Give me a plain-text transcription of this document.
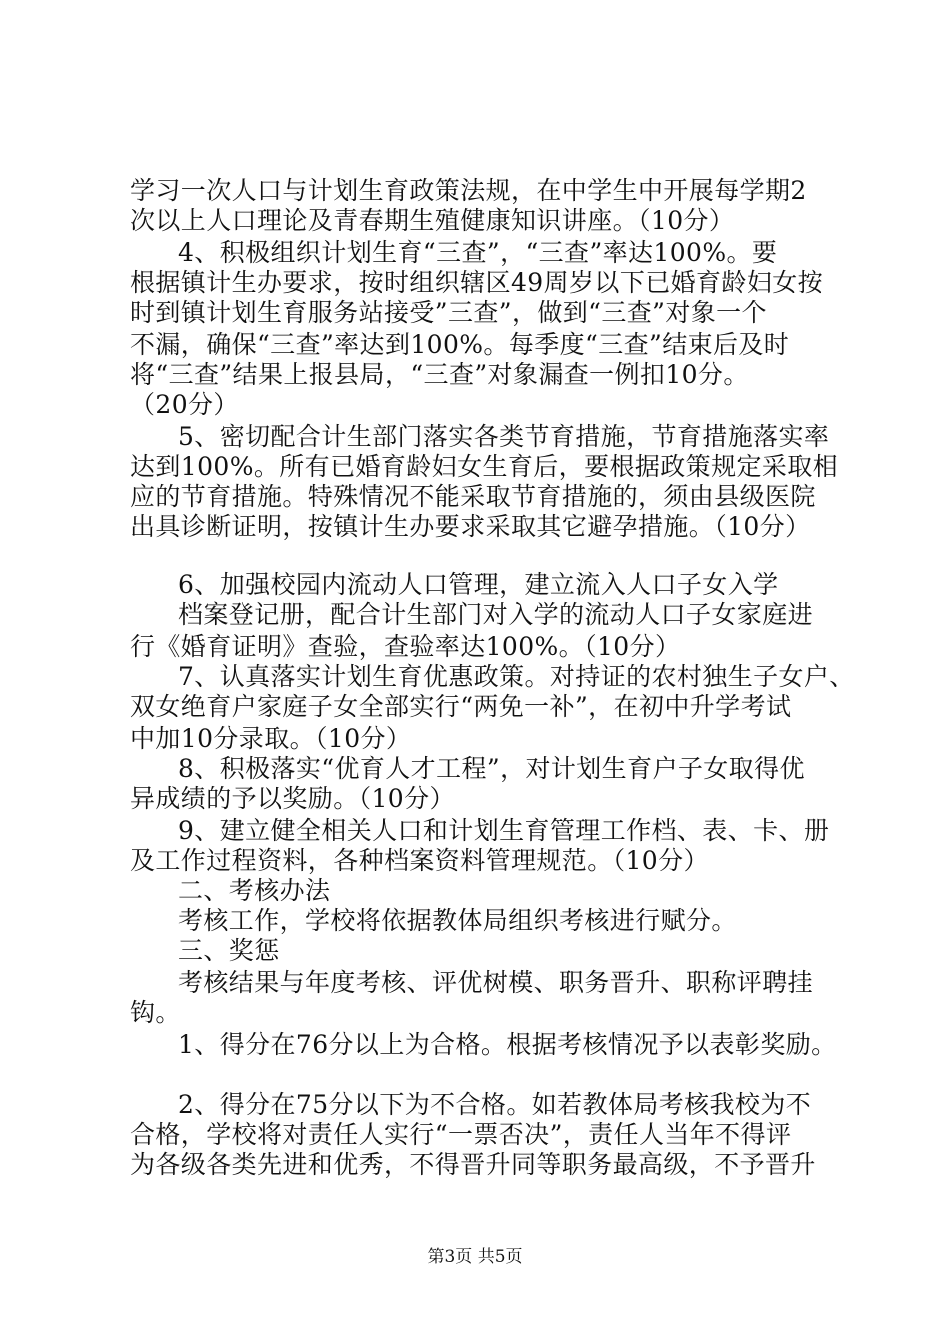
学习一次人口与计划生育政策法规，在中学生中开展每学期2
次以上人口理论及青春期生殖健康知识讲座。（10分）
4、积极组织计划生育“三查”，“三查”率达100%。要
根据镇计生办要求，按时组织辖区49周岁以下已婚育龄妇女按
时到镇计划生育服务站接受”三查”，做到“三查”对象一个
不漏，确保“三查”率达到100%。每季度“三查”结束后及时
将“三查”结果上报县局，“三查”对象漏查一例扣10分。
（20分）
5、密切配合计生部门落实各类节育措施，节育措施落实率
达到100%。所有已婚育龄妇女生育后，要根据政策规定采取相
应的节育措施。特殊情况不能采取节育措施的，须由县级医院
出具诊断证明，按镇计生办要求采取其它避孕措施。（10分）
6、加强校园内流动人口管理，建立流入人口子女入学
档案登记册，配合计生部门对入学的流动人口子女家庭进
行《婚育证明》查验，查验率达100%。（10分）
7、认真落实计划生育优惠政策。对持证的农村独生子女户、
双女绝育户家庭子女全部实行“两免一补”，在初中升学考试
中加10分录取。（10分）
8、积极落实“优育人才工程”，对计划生育户子女取得优
异成绩的予以奖励。（10分）
9、建立健全相关人口和计划生育管理工作档、表、卡、册
及工作过程资料，各种档案资料管理规范。（10分）
二、考核办法
考核工作，学校将依据教体局组织考核进行赋分。
三、奖惩
考核结果与年度考核、评优树模、职务晋升、职称评聘挂
钩。
1、得分在76分以上为合格。根据考核情况予以表彰奖励。
2、得分在75分以下为不合格。如若教体局考核我校为不
合格，学校将对责任人实行“一票否决”，责任人当年不得评
为各级各类先进和优秀，不得晋升同等职务最高级，不予晋升
第3页 共5页
